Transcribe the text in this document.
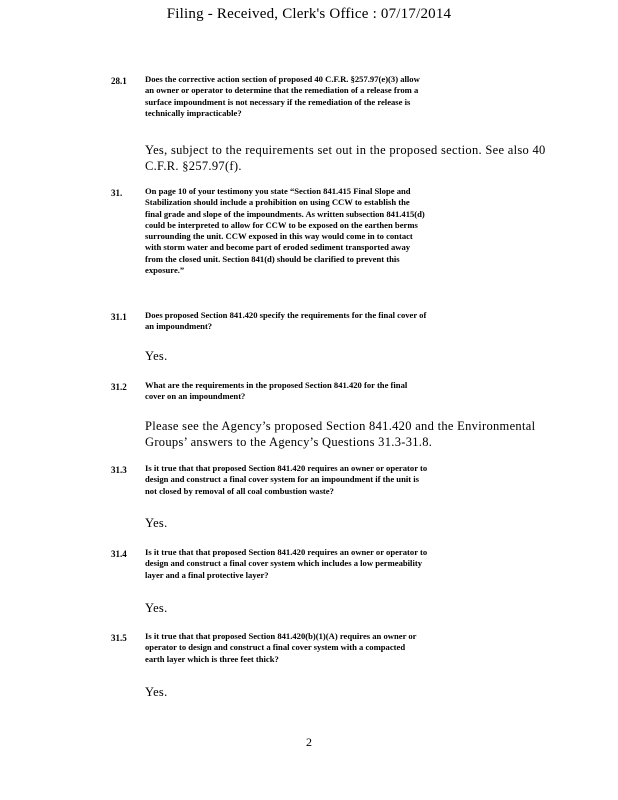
Filing - Received, Clerk's Office : 07/17/2014
28.1 Does the corrective action section of proposed 40 C.F.R. §257.97(e)(3) allow
an owner or operator to determine that the remediation of a release from a
surface impoundment is not necessary if the remediation of the release is
technically impracticable?
Yes, subject to the requirements set out in the proposed section. See also 40
C.F.R. §257.97(f).
31.	On page 10 of your testimony you state “Section 841.415 Final Slope and
Stabilization should include a prohibition on using CCW to establish the
final grade and slope of the impoundments. As written subsection 841.415(d)
could be interpreted to allow for CCW to be exposed on the earthen berms
surrounding the unit. CCW exposed in this way would come in to contact
with storm water and become part of eroded sediment transported away
from the closed unit. Section 841(d) should be clarified to prevent this
exposure.”
31.1 Does proposed Section 841.420 specify the requirements for the final cover of
an impoundment?
Yes.
31.2 What are the requirements in the proposed Section 841.420 for the final
cover on an impoundment?
Please see the Agency’s proposed Section 841.420 and the Environmental
Groups’ answers to the Agency’s Questions 31.3-31.8.
31.3 Is it true that that proposed Section 841.420 requires an owner or operator to
design and construct a final cover system for an impoundment if the unit is
not closed by removal of all coal combustion waste?
Yes.
31.4 Is it true that that proposed Section 841.420 requires an owner or operator to
design and construct a final cover system which includes a low permeability
layer and a final protective layer?
Yes.
31.5 Is it true that that proposed Section 841.420(b)(1)(A) requires an owner or
operator to design and construct a final cover system with a compacted
earth layer which is three feet thick?
Yes.
2
